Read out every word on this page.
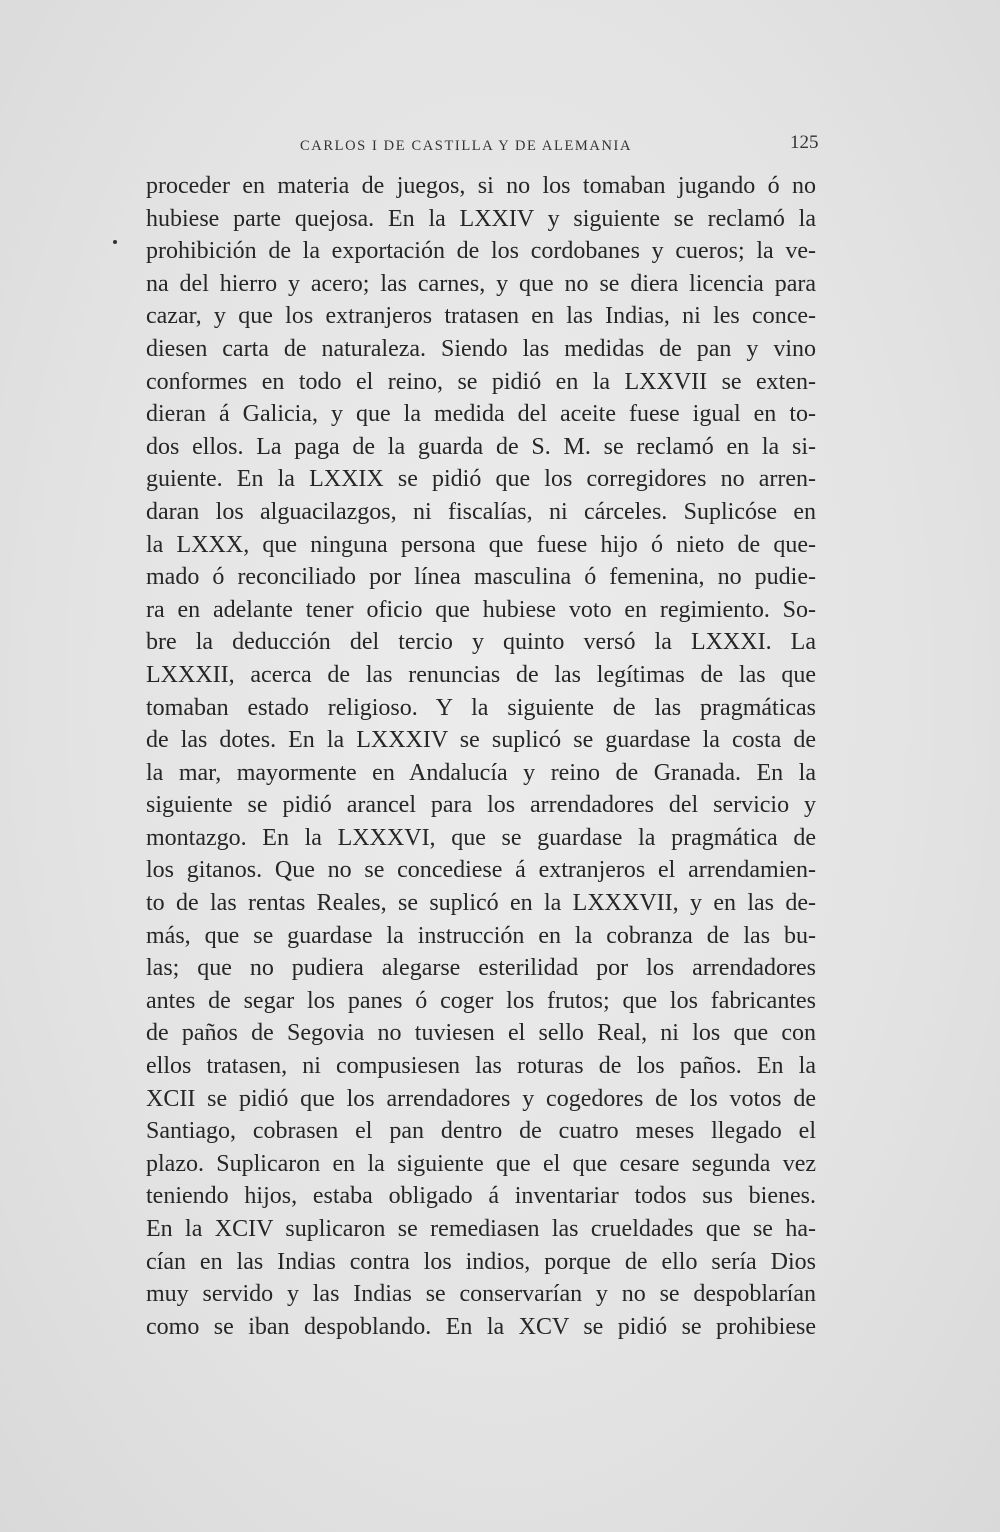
CARLOS I DE CASTILLA Y DE ALEMANIA	125
proceder en materia de juegos, si no los tomaban jugando ó no
hubiese parte quejosa. En la LXXIV y siguiente se reclamó la
prohibición de la exportación de los cordobanes y cueros; la ve-
na del hierro y acero; las carnes, y que no se diera licencia para
cazar, y que los extranjeros tratasen en las Indias, ni les conce-
diesen carta de naturaleza. Siendo las medidas de pan y vino
conformes en todo el reino, se pidió en la LXXVII se exten-
dieran á Galicia, y que la medida del aceite fuese igual en to-
dos ellos. La paga de la guarda de S. M. se reclamó en la si-
guiente. En la LXXIX se pidió que los corregidores no arren-
daran los alguacilazgos, ni fiscalías, ni cárceles. Suplicóse en
la LXXX, que ninguna persona que fuese hijo ó nieto de que-
mado ó reconciliado por línea masculina ó femenina, no pudie-
ra en adelante tener oficio que hubiese voto en regimiento. So-
bre la deducción del tercio y quinto versó la LXXXI. La
LXXXII, acerca de las renuncias de las legítimas de las que
tomaban estado religioso. Y la siguiente de las pragmáticas
de las dotes. En la LXXXIV se suplicó se guardase la costa de
la mar, mayormente en Andalucía y reino de Granada. En la
siguiente se pidió arancel para los arrendadores del servicio y
montazgo. En la LXXXVI, que se guardase la pragmática de
los gitanos. Que no se concediese á extranjeros el arrendamien-
to de las rentas Reales, se suplicó en la LXXXVII, y en las de-
más, que se guardase la instrucción en la cobranza de las bu-
las; que no pudiera alegarse esterilidad por los arrendadores
antes de segar los panes ó coger los frutos; que los fabricantes
de paños de Segovia no tuviesen el sello Real, ni los que con
ellos tratasen, ni compusiesen las roturas de los paños. En la
XCII se pidió que los arrendadores y cogedores de los votos de
Santiago, cobrasen el pan dentro de cuatro meses llegado el
plazo. Suplicaron en la siguiente que el que cesare segunda vez
teniendo hijos, estaba obligado á inventariar todos sus bienes.
En la XCIV suplicaron se remediasen las crueldades que se ha-
cían en las Indias contra los indios, porque de ello sería Dios
muy servido y las Indias se conservarían y no se despoblarían
como se iban despoblando. En la XCV se pidió se prohibiese
